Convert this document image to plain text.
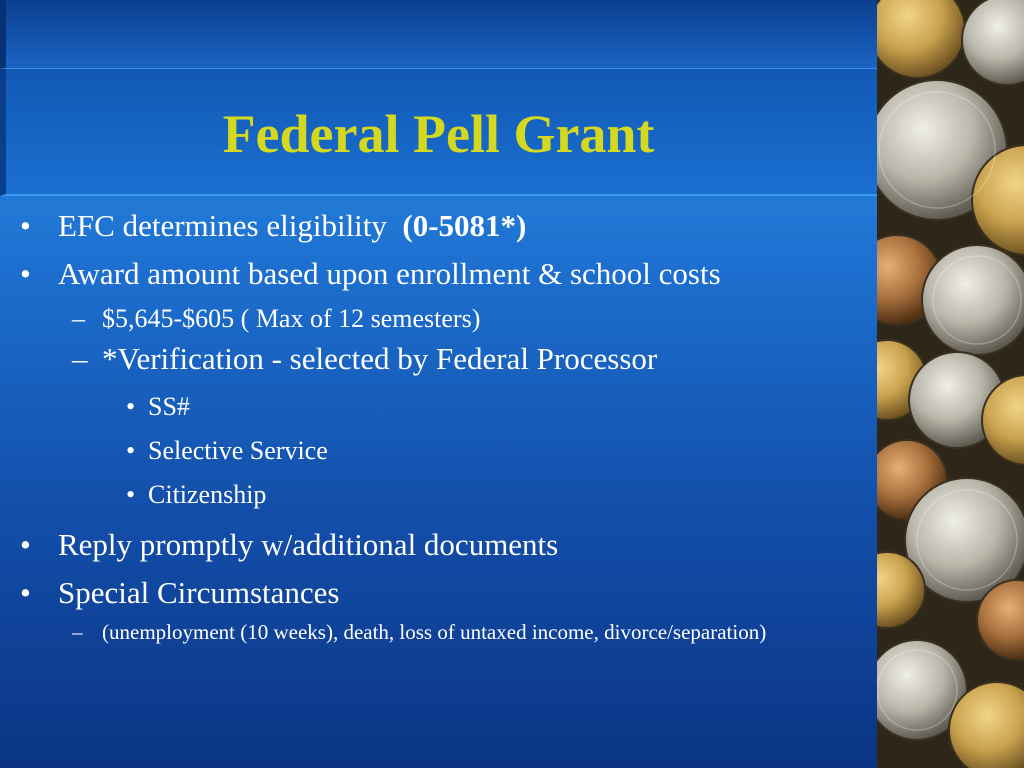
Federal Pell Grant
• EFC determines eligibility (0-5081*)
• Award amount based upon enrollment & school costs
– $5,645-$605 ( Max of 12 semesters)
– *Verification - selected by Federal Processor
• SS#
• Selective Service
• Citizenship
• Reply promptly w/additional documents
• Special Circumstances
– (unemployment (10 weeks), death, loss of untaxed income, divorce/separation)
